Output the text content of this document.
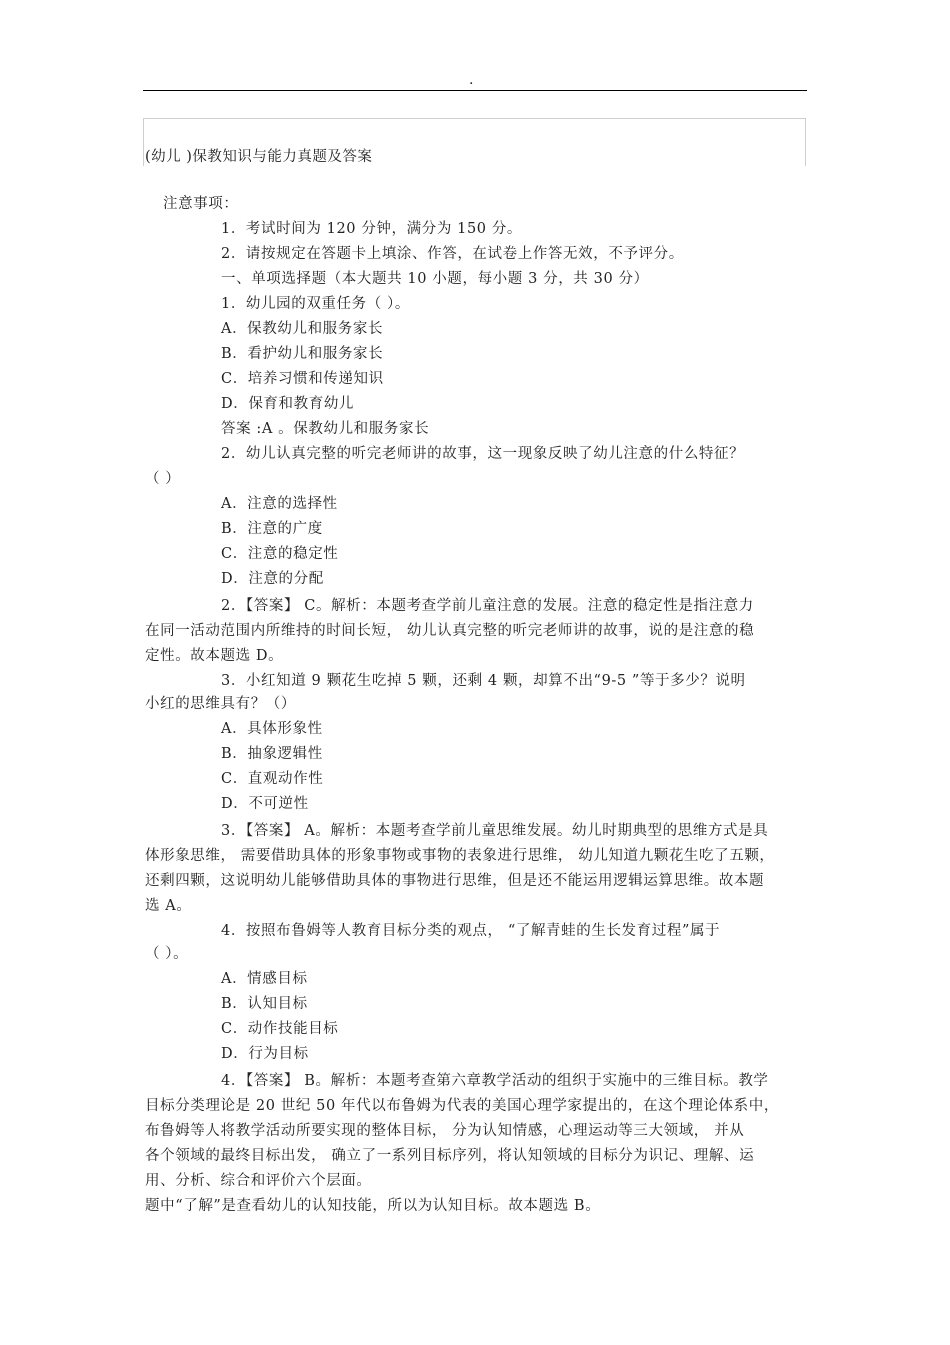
.
(幼儿 )保教知识与能力真题及答案
注意事项：
1．考试时间为 120 分钟，满分为 150 分。
2．请按规定在答题卡上填涂、作答，在试卷上作答无效，不予评分。
一、单项选择题（本大题共 10 小题，每小题 3 分，共 30 分）
1．幼儿园的双重任务（ ）。
A．保教幼儿和服务家长
B．看护幼儿和服务家长
C．培养习惯和传递知识
D．保育和教育幼儿
答案 :A 。保教幼儿和服务家长
2．幼儿认真完整的听完老师讲的故事，这一现象反映了幼儿注意的什么特征？
（ ）
A．注意的选择性
B．注意的广度
C．注意的稳定性
D．注意的分配
2．【答案】 C。解析：本题考查学前儿童注意的发展。注意的稳定性是指注意力
在同一活动范围内所维持的时间长短， 幼儿认真完整的听完老师讲的故事，说的是注意的稳
定性。故本题选 D。
3．小红知道 9 颗花生吃掉 5 颗，还剩 4 颗，却算不出“9-5 ”等于多少？说明
小红的思维具有？（）
A．具体形象性
B．抽象逻辑性
C．直观动作性
D．不可逆性
3．【答案】 A。解析：本题考查学前儿童思维发展。幼儿时期典型的思维方式是具
体形象思维， 需要借助具体的形象事物或事物的表象进行思维， 幼儿知道九颗花生吃了五颗，
还剩四颗，这说明幼儿能够借助具体的事物进行思维，但是还不能运用逻辑运算思维。故本题
选 A。
4．按照布鲁姆等人教育目标分类的观点， “了解青蛙的生长发育过程”属于
（ ）。
A．情感目标
B．认知目标
C．动作技能目标
D．行为目标
4．【答案】 B。解析：本题考查第六章教学活动的组织于实施中的三维目标。教学
目标分类理论是 20 世纪 50 年代以布鲁姆为代表的美国心理学家提出的，在这个理论体系中，
布鲁姆等人将教学活动所要实现的整体目标， 分为认知情感，心理运动等三大领域， 并从
各个领域的最终目标出发， 确立了一系列目标序列，将认知领域的目标分为识记、理解、运
用、分析、综合和评价六个层面。
题中“了解”是查看幼儿的认知技能，所以为认知目标。故本题选 B。
